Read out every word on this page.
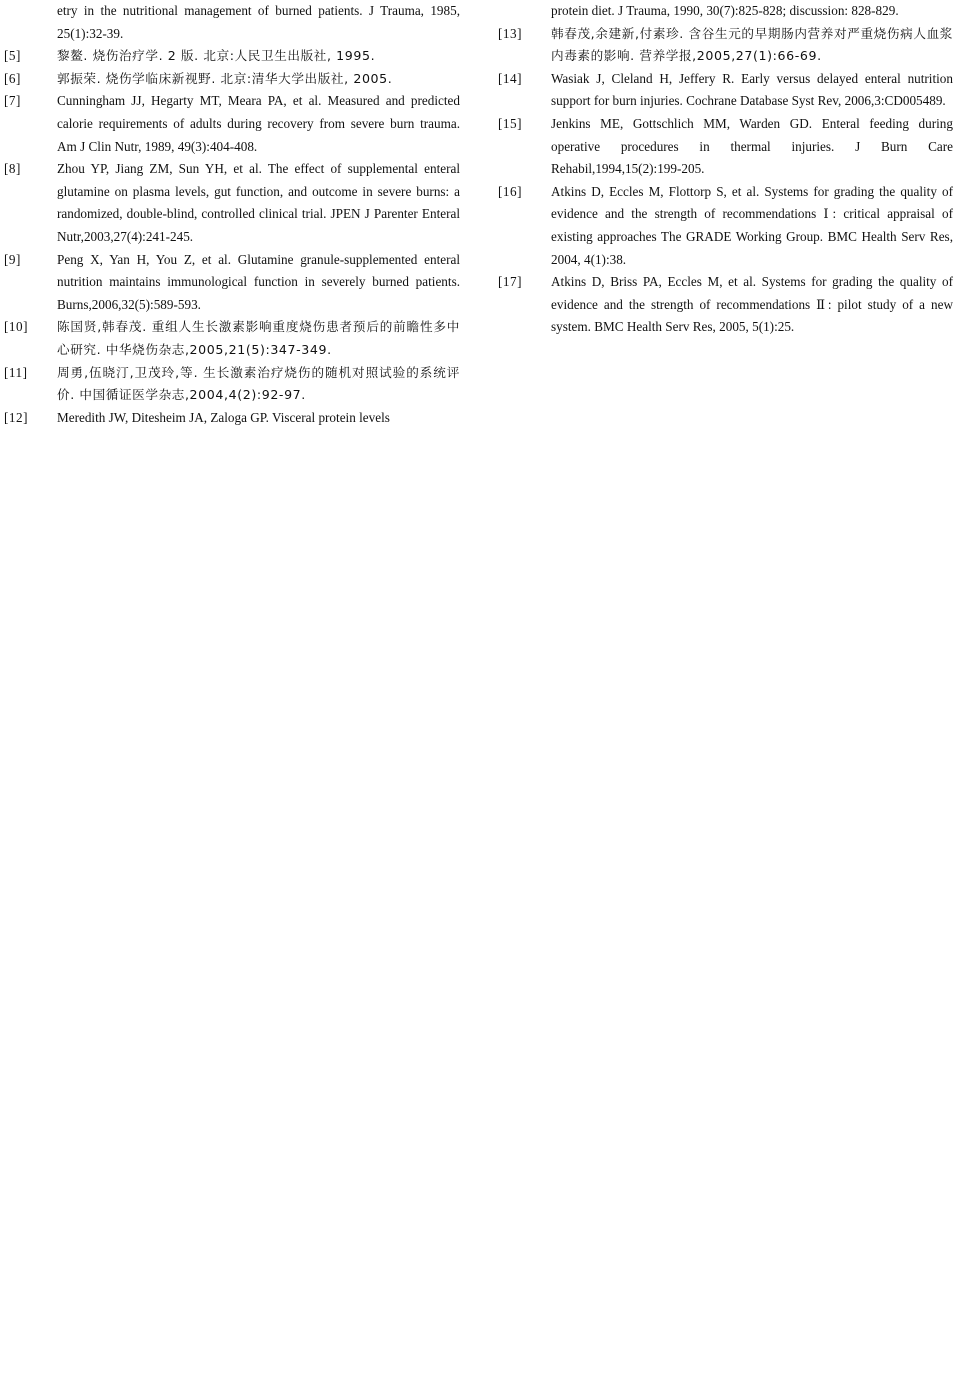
etry in the nutritional management of burned patients. J Trauma, 1985, 25(1):32-39.
[5]	黎鳌. 烧伤治疗学. 2 版. 北京:人民卫生出版社, 1995.
[6]	郭振荣. 烧伤学临床新视野. 北京:清华大学出版社, 2005.
[7]	Cunningham JJ, Hegarty MT, Meara PA, et al. Measured and predicted calorie requirements of adults during recovery from severe burn trauma. Am J Clin Nutr, 1989, 49(3):404-408.
[8]	Zhou YP, Jiang ZM, Sun YH, et al. The effect of supplemental enteral glutamine on plasma levels, gut function, and outcome in severe burns: a randomized, double-blind, controlled clinical trial. JPEN J Parenter Enteral Nutr,2003,27(4):241-245.
[9]	Peng X, Yan H, You Z, et al. Glutamine granule-supplemented enteral nutrition maintains immunological function in severely burned patients. Burns,2006,32(5):589-593.
[10]	陈国贤,韩春茂. 重组人生长激素影响重度烧伤患者预后的前瞻性多中心研究. 中华烧伤杂志,2005,21(5):347-349.
[11]	周勇,伍晓汀,卫茂玲,等. 生长激素治疗烧伤的随机对照试验的系统评价. 中国循证医学杂志,2004,4(2):92-97.
[12]	Meredith JW, Ditesheim JA, Zaloga GP. Visceral protein levels
protein diet. J Trauma, 1990, 30(7):825-828; discussion: 828-829.
[13]	韩春茂,余建新,付素珍. 含谷生元的早期肠内营养对严重烧伤病人血浆内毒素的影响. 营养学报,2005,27(1):66-69.
[14]	Wasiak J, Cleland H, Jeffery R. Early versus delayed enteral nutrition support for burn injuries. Cochrane Database Syst Rev, 2006,3:CD005489.
[15]	Jenkins ME, Gottschlich MM, Warden GD. Enteral feeding during operative procedures in thermal injuries. J Burn Care Rehabil,1994,15(2):199-205.
[16]	Atkins D, Eccles M, Flottorp S, et al. Systems for grading the quality of evidence and the strength of recommendations Ⅰ: critical appraisal of existing approaches The GRADE Working Group. BMC Health Serv Res, 2004, 4(1):38.
[17]	Atkins D, Briss PA, Eccles M, et al. Systems for grading the quality of evidence and the strength of recommendations Ⅱ: pilot study of a new system. BMC Health Serv Res, 2005, 5(1):25.
